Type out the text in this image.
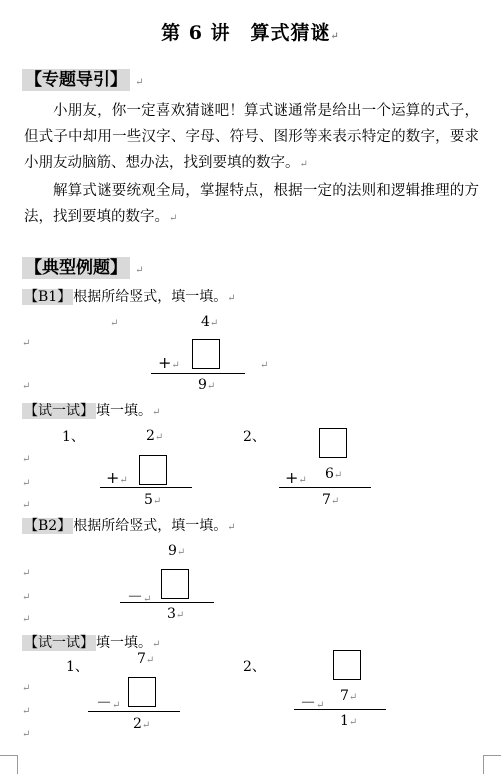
第 6 讲　算式猜谜↵
【专题导引】 ↵

小朋友，你一定喜欢猜谜吧！算式谜通常是给出一个运算的式子，但式子中却用一些汉字、字母、符号、图形等来表示特定的数字，要求小朋友动脑筋、想办法，找到要填的数字。↵

解算式谜要统观全局，掌握特点，根据一定的法则和逻辑推理的方法，找到要填的数字。↵

【典型例题】 ↵
【B1】 根据所给竖式，填一填。↵
↵
↵
↵
4↵
+↵	↵
9↵
【试一试】 填一填。↵
1、	2↵
↵
↵
↵
+↵
5↵
2、
+↵ 6↵
7↵
【B2】 根据所给竖式，填一填。↵
9↵
↵
↵
↵
－↵
3↵
【试一试】 填一填。↵
1、	7↵
↵
↵
↵
－↵
2↵
2、
－↵
7↵
1↵
